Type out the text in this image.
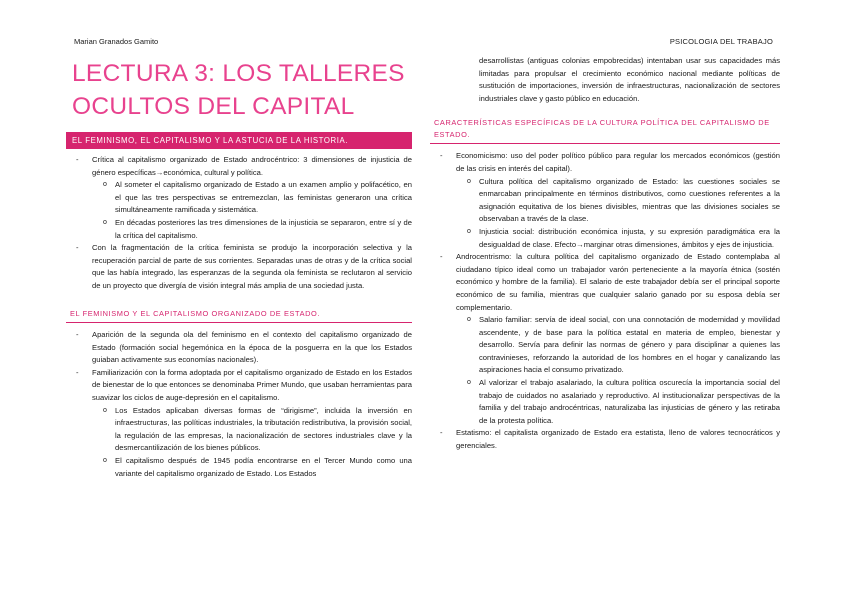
Marian Granados Gamito	PSICOLOGIA DEL TRABAJO
LECTURA 3: LOS TALLERES
OCULTOS DEL CAPITAL
EL FEMINISMO, EL CAPITALISMO Y LA ASTUCIA DE LA HISTORIA.
- Crítica al capitalismo organizado de Estado androcéntrico: 3 dimensiones de injusticia de género específicas→económica, cultural y política.
o Al someter el capitalismo organizado de Estado a un examen amplio y polifacético, en el que las tres perspectivas se entremezclan, las feministas generaron una crítica simultáneamente ramificada y sistemática.
o En décadas posteriores las tres dimensiones de la injusticia se separaron, entre sí y de la crítica del capitalismo.
- Con la fragmentación de la crítica feminista se produjo la incorporación selectiva y la recuperación parcial de parte de sus corrientes. Separadas unas de otras y de la crítica social que las había integrado, las esperanzas de la segunda ola feminista se reclutaron al servicio de un proyecto que divergía de visión integral más amplia de una sociedad justa.
EL FEMINISMO Y EL CAPITALISMO ORGANIZADO DE ESTADO.
- Aparición de la segunda ola del feminismo en el contexto del capitalismo organizado de Estado (formación social hegemónica en la época de la posguerra en la que los Estados guiaban activamente sus economías nacionales).
- Familiarización con la forma adoptada por el capitalismo organizado de Estado en los Estados de bienestar de lo que entonces se denominaba Primer Mundo, que usaban herramientas para suavizar los ciclos de auge-depresión en el capitalismo.
o Los Estados aplicaban diversas formas de “dirigisme”, incluida la inversión en infraestructuras, las políticas industriales, la tributación redistributiva, la provisión social, la regulación de las empresas, la nacionalización de sectores industriales clave y la desmercantilización de los bienes públicos.
o El capitalismo después de 1945 podía encontrarse en el Tercer Mundo como una variante del capitalismo organizado de Estado. Los Estados
desarrollistas (antiguas colonias empobrecidas) intentaban usar sus capacidades más limitadas para propulsar el crecimiento económico nacional mediante políticas de sustitución de importaciones, inversión de infraestructuras, nacionalización de sectores industriales clave y gasto público en educación.
CARACTERÍSTICAS ESPECÍFICAS DE LA CULTURA POLÍTICA DEL CAPITALISMO DE ESTADO.
- Economicismo: uso del poder político público para regular los mercados económicos (gestión de las crisis en interés del capital).
o Cultura política del capitalismo organizado de Estado: las cuestiones sociales se enmarcaban principalmente en términos distributivos, como cuestiones referentes a la asignación equitativa de los bienes divisibles, mientras que las divisiones sociales se observaban a través de la clase.
o Injusticia social: distribución económica injusta, y su expresión paradigmática era la desigualdad de clase. Efecto→marginar otras dimensiones, ámbitos y ejes de injusticia.
- Androcentrismo: la cultura política del capitalismo organizado de Estado contemplaba al ciudadano típico ideal como un trabajador varón perteneciente a la mayoría étnica (sostén económico y hombre de la familia). El salario de este trabajador debía ser el principal soporte económico de su familia, mientras que cualquier salario ganado por su esposa debía ser complementario.
o Salario familiar: servía de ideal social, con una connotación de modernidad y movilidad ascendente, y de base para la política estatal en materia de empleo, bienestar y desarrollo. Servía para definir las normas de género y para disciplinar a quienes las contravinieses, reforzando la autoridad de los hombres en el hogar y canalizando las aspiraciones hacia el consumo privatizado.
o Al valorizar el trabajo asalariado, la cultura política oscurecía la importancia social del trabajo de cuidados no asalariado y reproductivo. Al institucionalizar perspectivas de la familia y del trabajo androcéntricas, naturalizaba las injusticias de género y las retiraba de la protesta política.
- Estatismo: el capitalista organizado de Estado era estatista, lleno de valores tecnocráticos y gerenciales.
